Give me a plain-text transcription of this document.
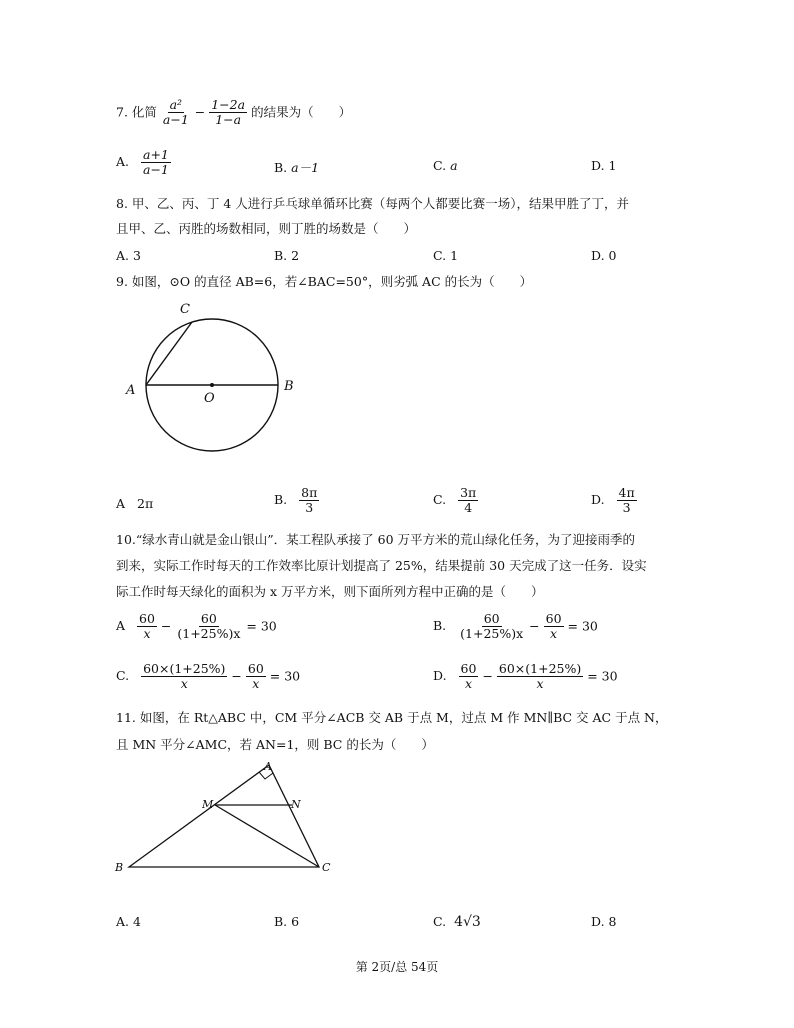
7. 化简 $\frac{\text{a²}}{a-1} - \frac{1-2a}{1-a}$ 的结果为（　　）
A. $\frac{a+1}{a-1}$	B. a－1	C. a	D. 1
8. 甲、乙、丙、丁 4 人进行乒乓球单循环比赛（每两个人都要比赛一场），结果甲胜了丁，并
且甲、乙、丙胜的场数相同，则丁胜的场数是（　　）
A. 3	B. 2	C. 1	D. 0
9. 如图，⊙O 的直径 AB=6，若∠BAC=50°，则劣弧 AC 的长为（　　）
C
A
O
B
A 2π	B. $\frac{8\pi}{3}$	C. $\frac{3\pi}{4}$	D. $\frac{4\pi}{3}$
10.“绿水青山就是金山银山”．某工程队承接了 60 万平方米的荒山绿化任务，为了迎接雨季的
到来，实际工作时每天的工作效率比原计划提高了 25%，结果提前 30 天完成了这一任务．设实
际工作时每天绿化的面积为 x 万平方米，则下面所列方程中正确的是（　　）
A $\frac{60}{x} - \frac{60}{(1+25\%)x} = 30$	B. $\frac{60}{(1+25\%)x} - \frac{60}{x} = 30$
C. $\frac{60\times(1+25\%)}{x} - \frac{60}{x} = 30$	D. $\frac{60}{x} - \frac{60\times(1+25\%)}{x} = 30$
11. 如图，在 Rt△ABC 中，CM 平分∠ACB 交 AB 于点 M，过点 M 作 MN∥BC 交 AC 于点 N，
且 MN 平分∠AMC，若 AN=1，则 BC 的长为（　　）
A
M	N
B	C
A. 4	B. 6	C. 4√3	D. 8
第 2页/总 54页
